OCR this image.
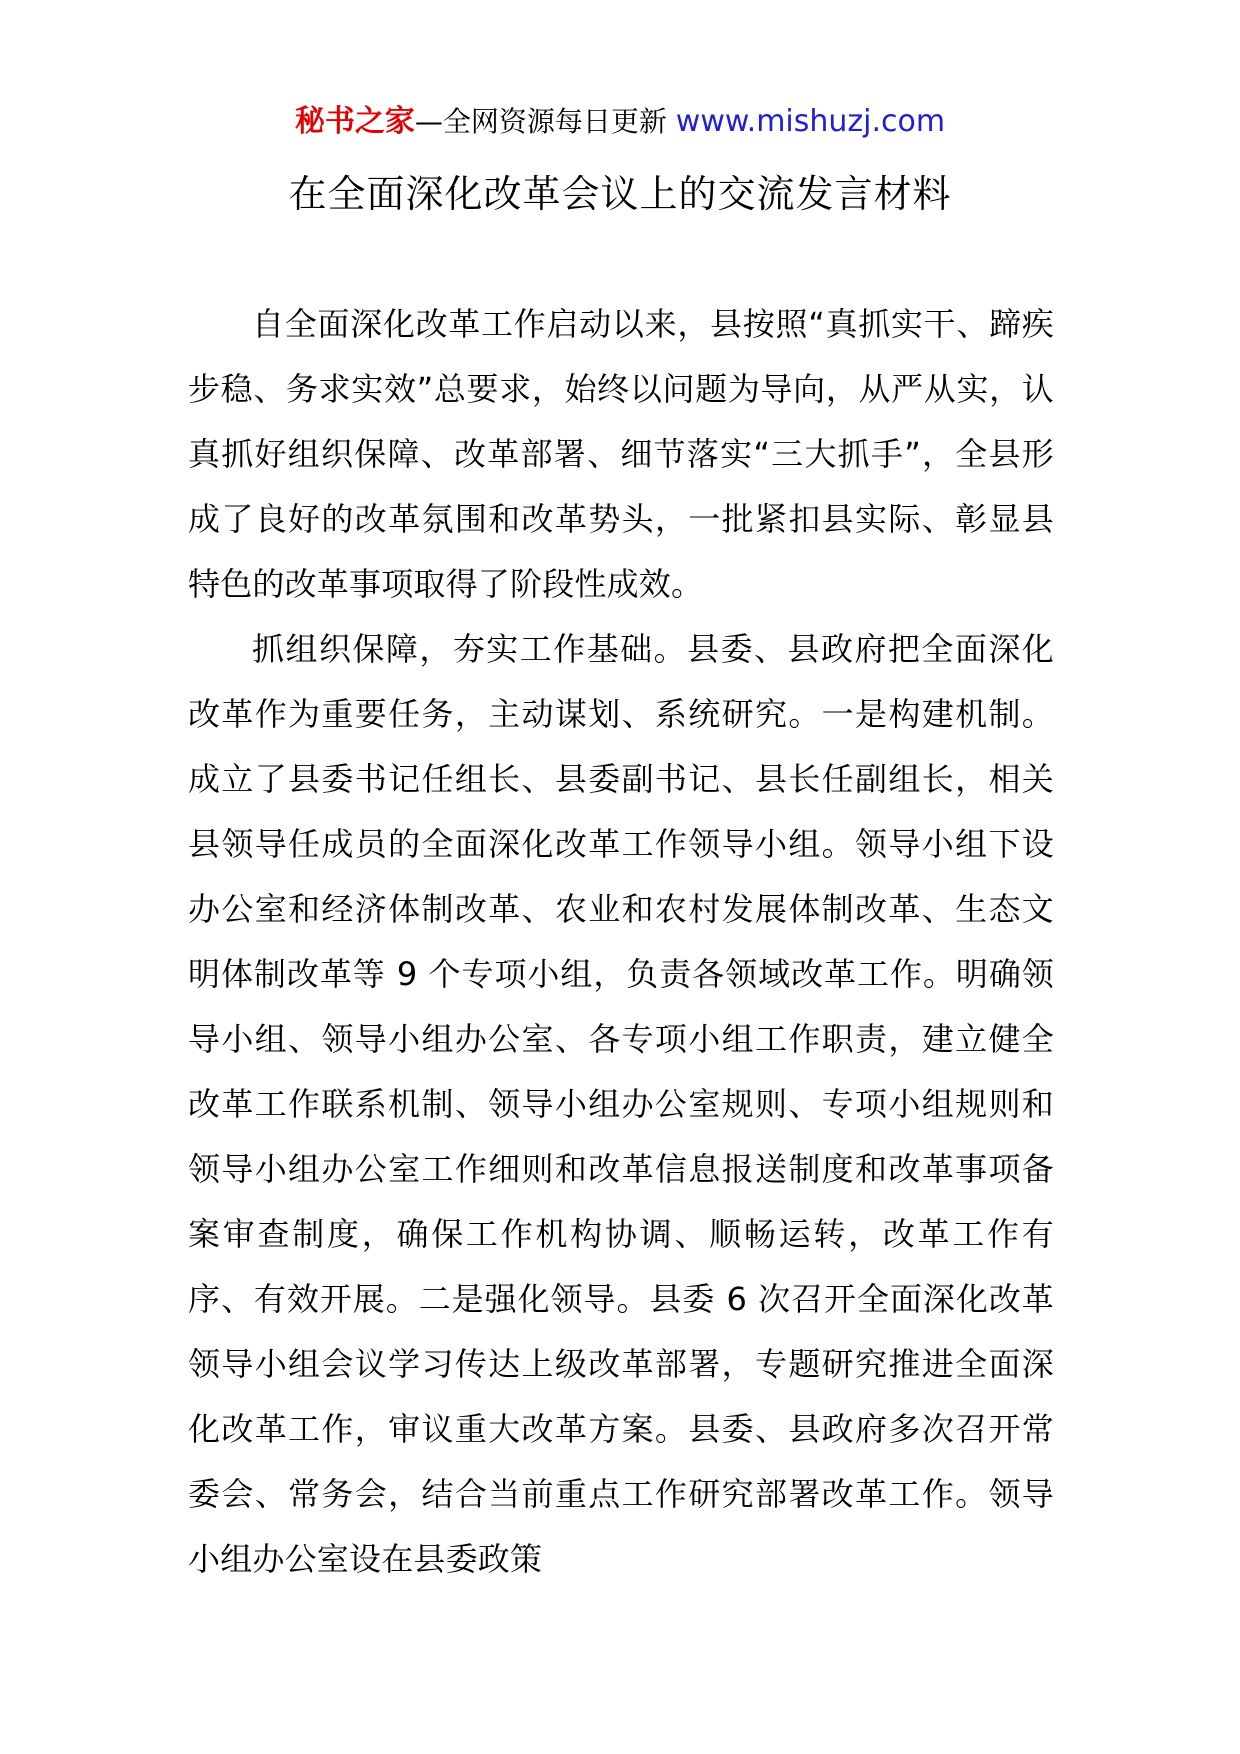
秘书之家—全网资源每日更新 www.mishuzj.com
在全面深化改革会议上的交流发言材料

自全面深化改革工作启动以来，县按照“真抓实干、蹄疾步稳、务求实效”总要求，始终以问题为导向，从严从实，认真抓好组织保障、改革部署、细节落实“三大抓手”，全县形成了良好的改革氛围和改革势头，一批紧扣县实际、彰显县特色的改革事项取得了阶段性成效。

抓组织保障，夯实工作基础。县委、县政府把全面深化改革作为重要任务，主动谋划、系统研究。一是构建机制。成立了县委书记任组长、县委副书记、县长任副组长，相关县领导任成员的全面深化改革工作领导小组。领导小组下设办公室和经济体制改革、农业和农村发展体制改革、生态文明体制改革等 9 个专项小组，负责各领域改革工作。明确领导小组、领导小组办公室、各专项小组工作职责，建立健全改革工作联系机制、领导小组办公室规则、专项小组规则和领导小组办公室工作细则和改革信息报送制度和改革事项备案审查制度，确保工作机构协调、顺畅运转，改革工作有序、有效开展。二是强化领导。县委 6 次召开全面深化改革领导小组会议学习传达上级改革部署，专题研究推进全面深化改革工作，审议重大改革方案。县委、县政府多次召开常委会、常务会，结合当前重点工作研究部署改革工作。领导小组办公室设在县委政策
